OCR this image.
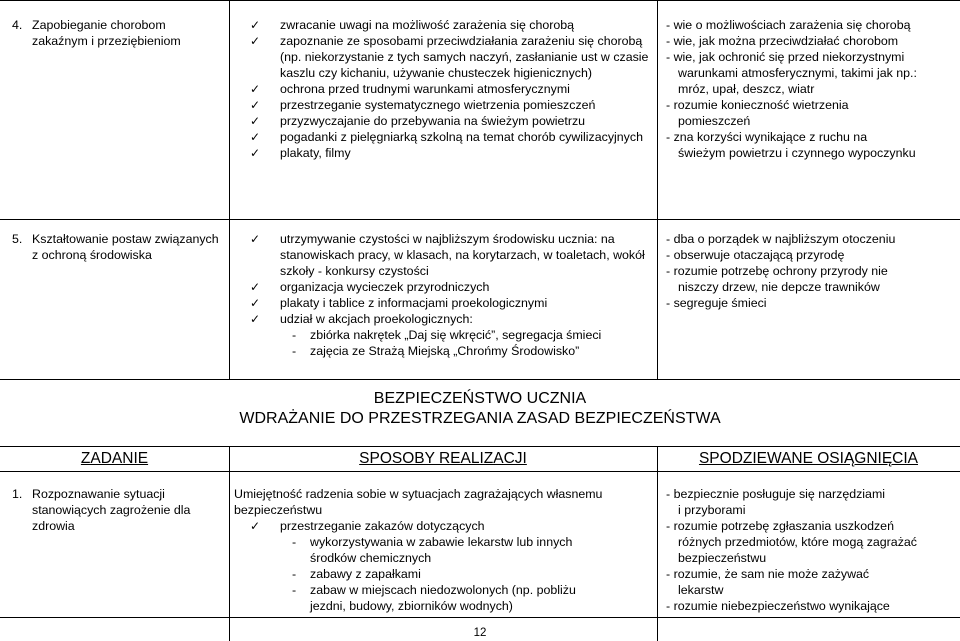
4. Zapobieganie chorobom zakaźnym i przeziębieniom
✓ zwracanie uwagi na możliwość zarażenia się chorobą
✓ zapoznanie ze sposobami przeciwdziałania zarażeniu się chorobą (np. niekorzystanie z tych samych naczyń, zasłanianie ust w czasie kaszlu czy kichaniu, używanie chusteczek higienicznych)
✓ ochrona przed trudnymi warunkami atmosferycznymi
✓ przestrzeganie systematycznego wietrzenia pomieszczeń
✓ przyzwyczajanie do przebywania na świeżym powietrzu
✓ pogadanki z pielęgniarką szkolną na temat chorób cywilizacyjnych
✓ plakaty, filmy
- wie o możliwościach zarażenia się chorobą
- wie, jak można przeciwdziałać chorobom
- wie, jak ochronić się przed niekorzystnymi
warunkami atmosferycznymi, takimi jak np.:
mróz, upał, deszcz, wiatr
- rozumie konieczność wietrzenia
pomieszczeń
- zna korzyści wynikające z ruchu na
świeżym powietrzu i czynnego wypoczynku
5. Kształtowanie postaw związanych z ochroną środowiska
✓ utrzymywanie czystości w najbliższym środowisku ucznia: na stanowiskach pracy, w klasach, na korytarzach, w toaletach, wokół szkoły - konkursy czystości
✓ organizacja wycieczek przyrodniczych
✓ plakaty i tablice z informacjami proekologicznymi
✓ udział w akcjach proekologicznych:
- zbiórka nakrętek „Daj się wkręcić”, segregacja śmieci
- zajęcia ze Strażą Miejską „Chrońmy Środowisko”
- dba o porządek w najbliższym otoczeniu
- obserwuje otaczającą przyrodę
- rozumie potrzebę ochrony przyrody nie
niszczy drzew, nie depcze trawników
- segreguje śmieci
BEZPIECZEŃSTWO UCZNIA
WDRAŻANIE DO PRZESTRZEGANIA ZASAD BEZPIECZEŃSTWA
ZADANIE	SPOSOBY REALIZACJI	SPODZIEWANE OSIĄGNIĘCIA
1. Rozpoznawanie sytuacji stanowiących zagrożenie dla zdrowia
Umiejętność radzenia sobie w sytuacjach zagrażających własnemu bezpieczeństwu
✓ przestrzeganie zakazów dotyczących
- wykorzystywania w zabawie lekarstw lub innych środków chemicznych
- zabawy z zapałkami
- zabaw w miejscach niedozwolonych (np. pobliżu jezdni, budowy, zbiorników wodnych)
- bezpiecznie posługuje się narzędziami
i przyborami
- rozumie potrzebę zgłaszania uszkodzeń
różnych przedmiotów, które mogą zagrażać
bezpieczeństwu
- rozumie, że sam nie może zażywać
lekarstw
- rozumie niebezpieczeństwo wynikające
12
